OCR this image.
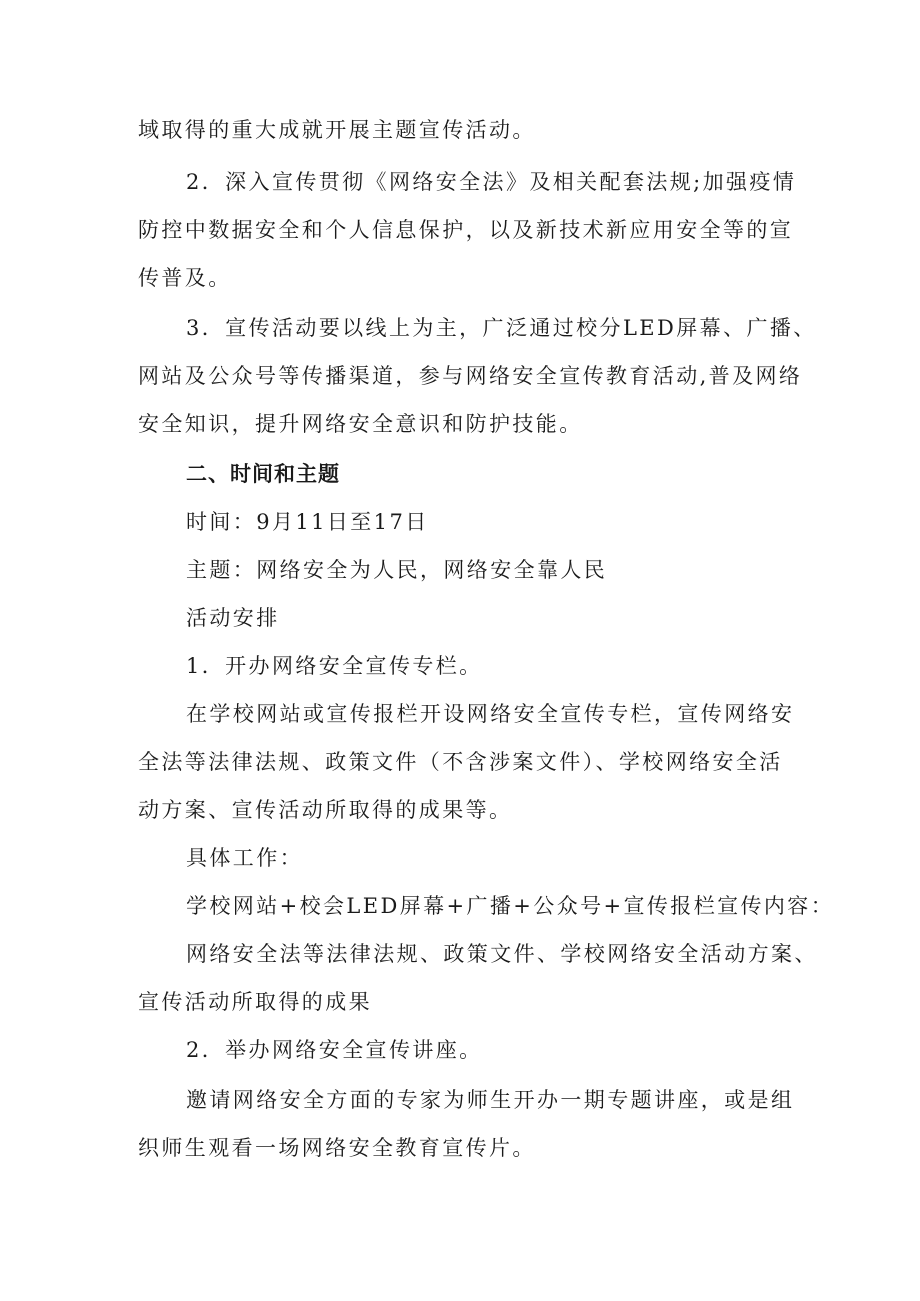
域取得的重大成就开展主题宣传活动。
2．深入宣传贯彻《网络安全法》及相关配套法规;加强疫情
防控中数据安全和个人信息保护，以及新技术新应用安全等的宣
传普及。
3．宣传活动要以线上为主，广泛通过校分LED屏幕、广播、
网站及公众号等传播渠道，参与网络安全宣传教育活动,普及网络
安全知识，提升网络安全意识和防护技能。
二、时间和主题
时间：9月11日至17日
主题：网络安全为人民，网络安全靠人民
活动安排
1．开办网络安全宣传专栏。
在学校网站或宣传报栏开设网络安全宣传专栏，宣传网络安
全法等法律法规、政策文件（不含涉案文件）、学校网络安全活
动方案、宣传活动所取得的成果等。
具体工作：
学校网站+校会LED屏幕+广播+公众号+宣传报栏宣传内容：
网络安全法等法律法规、政策文件、学校网络安全活动方案、
宣传活动所取得的成果
2．举办网络安全宣传讲座。
邀请网络安全方面的专家为师生开办一期专题讲座，或是组
织师生观看一场网络安全教育宣传片。
